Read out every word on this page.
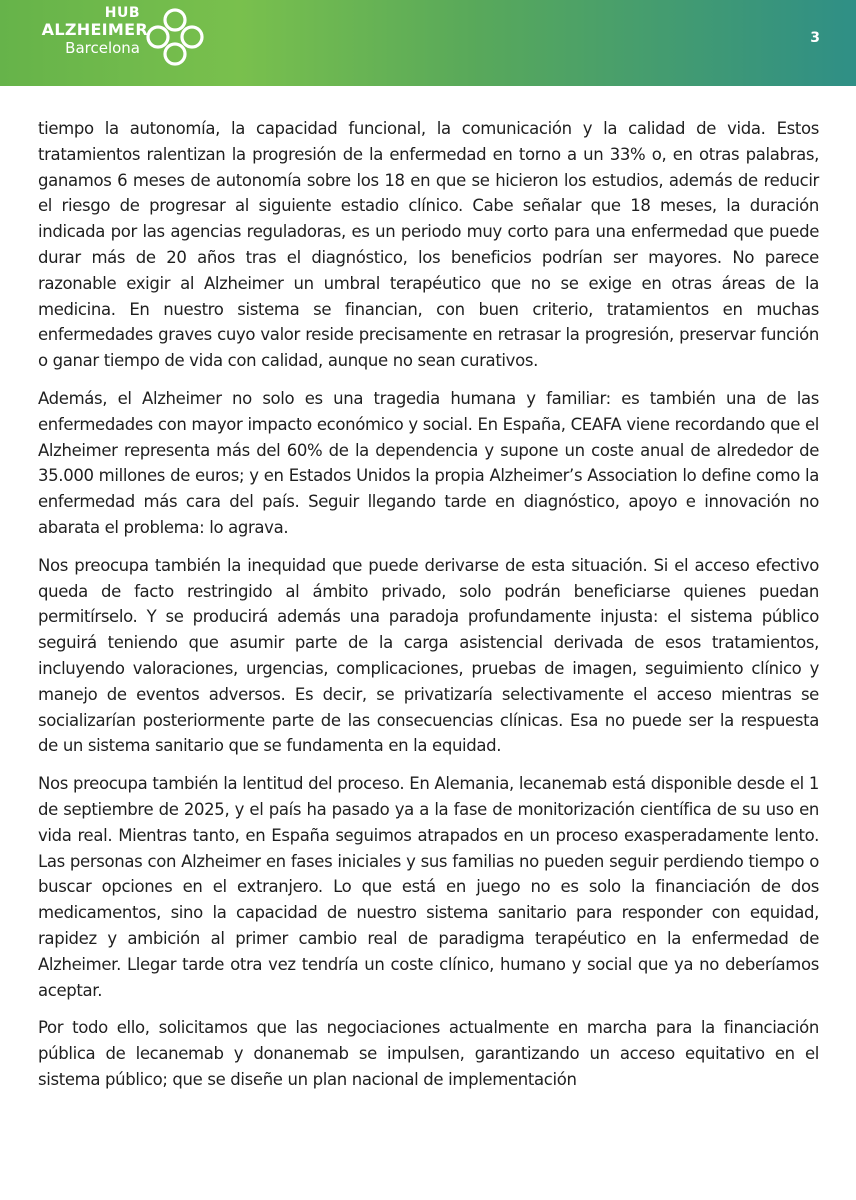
HUB
ALZHEIMER
Barcelona
3

tiempo la autonomía, la capacidad funcional, la comunicación y la calidad de vida. Estos tratamientos ralentizan la progresión de la enfermedad en torno a un 33% o, en otras palabras, ganamos 6 meses de autonomía sobre los 18 en que se hicieron los estudios, además de reducir el riesgo de progresar al siguiente estadio clínico. Cabe señalar que 18 meses, la duración indicada por las agencias reguladoras, es un periodo muy corto para una enfermedad que puede durar más de 20 años tras el diagnóstico, los beneficios podrían ser mayores. No parece razonable exigir al Alzheimer un umbral terapéutico que no se exige en otras áreas de la medicina. En nuestro sistema se financian, con buen criterio, tratamientos en muchas enfermedades graves cuyo valor reside precisamente en retrasar la progresión, preservar función o ganar tiempo de vida con calidad, aunque no sean curativos.

Además, el Alzheimer no solo es una tragedia humana y familiar: es también una de las enfermedades con mayor impacto económico y social. En España, CEAFA viene recordando que el Alzheimer representa más del 60% de la dependencia y supone un coste anual de alrededor de 35.000 millones de euros; y en Estados Unidos la propia Alzheimer’s Association lo define como la enfermedad más cara del país. Seguir llegando tarde en diagnóstico, apoyo e innovación no abarata el problema: lo agrava.

Nos preocupa también la inequidad que puede derivarse de esta situación. Si el acceso efectivo queda de facto restringido al ámbito privado, solo podrán beneficiarse quienes puedan permitírselo. Y se producirá además una paradoja profundamente injusta: el sistema público seguirá teniendo que asumir parte de la carga asistencial derivada de esos tratamientos, incluyendo valoraciones, urgencias, complicaciones, pruebas de imagen, seguimiento clínico y manejo de eventos adversos. Es decir, se privatizaría selectivamente el acceso mientras se socializarían posteriormente parte de las consecuencias clínicas. Esa no puede ser la respuesta de un sistema sanitario que se fundamenta en la equidad.

Nos preocupa también la lentitud del proceso. En Alemania, lecanemab está disponible desde el 1 de septiembre de 2025, y el país ha pasado ya a la fase de monitorización científica de su uso en vida real. Mientras tanto, en España seguimos atrapados en un proceso exasperadamente lento. Las personas con Alzheimer en fases iniciales y sus familias no pueden seguir perdiendo tiempo o buscar opciones en el extranjero. Lo que está en juego no es solo la financiación de dos medicamentos, sino la capacidad de nuestro sistema sanitario para responder con equidad, rapidez y ambición al primer cambio real de paradigma terapéutico en la enfermedad de Alzheimer. Llegar tarde otra vez tendría un coste clínico, humano y social que ya no deberíamos aceptar.

Por todo ello, solicitamos que las negociaciones actualmente en marcha para la financiación pública de lecanemab y donanemab se impulsen, garantizando un acceso equitativo en el sistema público; que se diseñe un plan nacional de implementación
